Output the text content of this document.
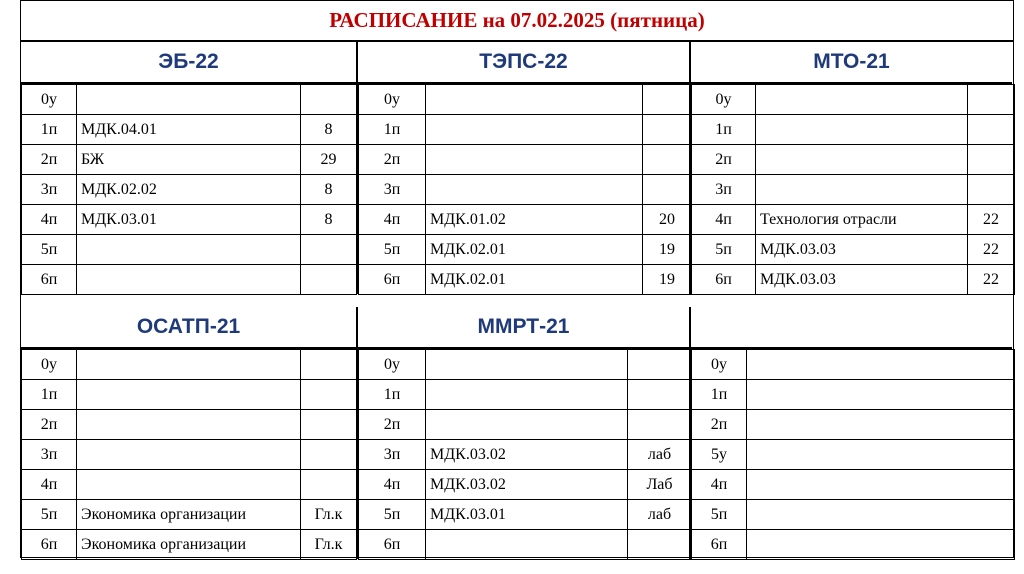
РАСПИСАНИЕ на 07.02.2025 (пятница)
ЭБ-22
0у		
1п	МДК.04.01	8
2п	БЖ	29
3п	МДК.02.02	8
4п	МДК.03.01	8
5п		
6п		
ТЭПС-22
0у		
1п		
2п		
3п		
4п	МДК.01.02	20
5п	МДК.02.01	19
6п	МДК.02.01	19
МТО-21
0у		
1п		
2п		
3п		
4п	Технология отрасли	22
5п	МДК.03.03	22
6п	МДК.03.03	22
ОСАТП-21
0у		
1п		
2п		
3п		
4п		
5п	Экономика организации	Гл.к
6п	Экономика организации	Гл.к
ММРТ-21
0у		
1п		
2п		
3п	МДК.03.02	лаб
4п	МДК.03.02	Лаб
5п	МДК.03.01	лаб
6п		
0у	
1п	
2п	
5у	
4п	
5п	
6п	
